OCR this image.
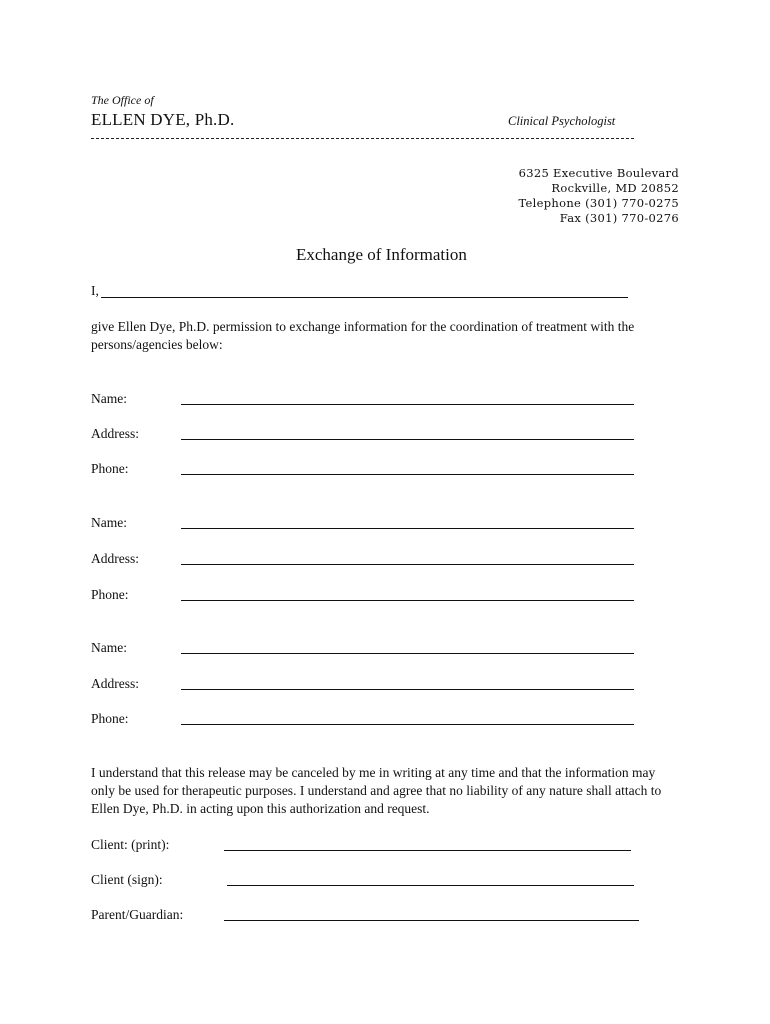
The Office of
ELLEN DYE, Ph.D.	Clinical Psychologist
6325 Executive Boulevard
Rockville, MD 20852
Telephone (301) 770-0275
Fax (301) 770-0276
Exchange of Information
I,
give Ellen Dye, Ph.D. permission to exchange information for the coordination of treatment with the persons/agencies below:
Name:
Address:
Phone:
Name:
Address:
Phone:
Name:
Address:
Phone:
I understand that this release may be canceled by me in writing at any time and that the information may only be used for therapeutic purposes. I understand and agree that no liability of any nature shall attach to Ellen Dye, Ph.D. in acting upon this authorization and request.
Client: (print):
Client (sign):
Parent/Guardian:
